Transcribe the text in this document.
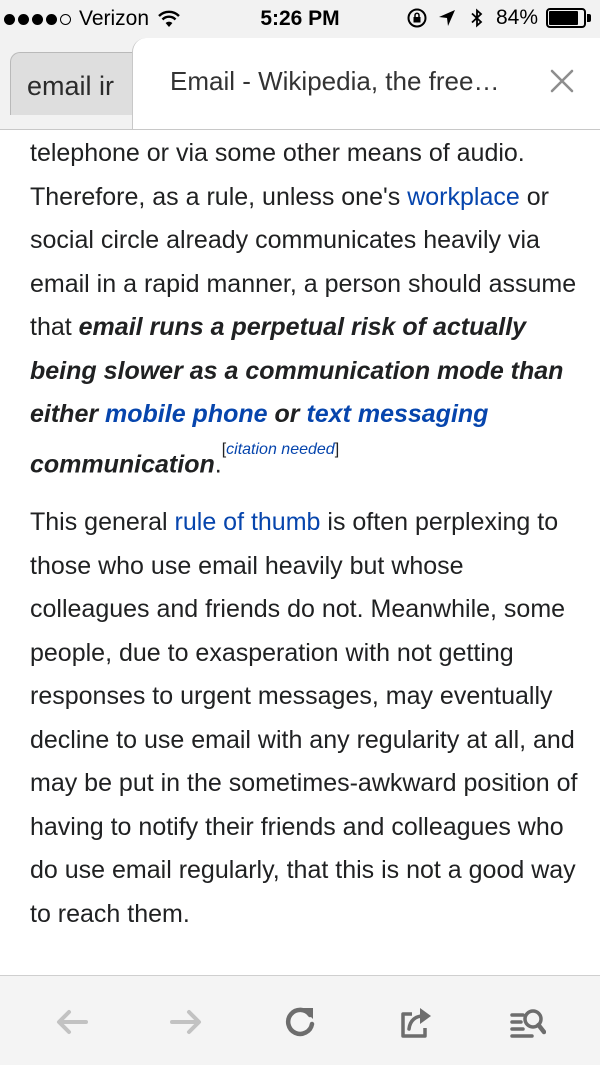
Verizon	5:26 PM	84%
email ir Email - Wikipedia, the free…

telephone or via some other means of audio. Therefore, as a rule, unless one's workplace or social circle already communicates heavily via email in a rapid manner, a person should assume that email runs a perpetual risk of actually being slower as a communication mode than either mobile phone or text messaging communication.[citation needed]

This general rule of thumb is often perplexing to those who use email heavily but whose colleagues and friends do not. Meanwhile, some people, due to exasperation with not getting responses to urgent messages, may eventually decline to use email with any regularity at all, and may be put in the sometimes-awkward position of having to notify their friends and colleagues who do use email regularly, that this is not a good way to reach them.
